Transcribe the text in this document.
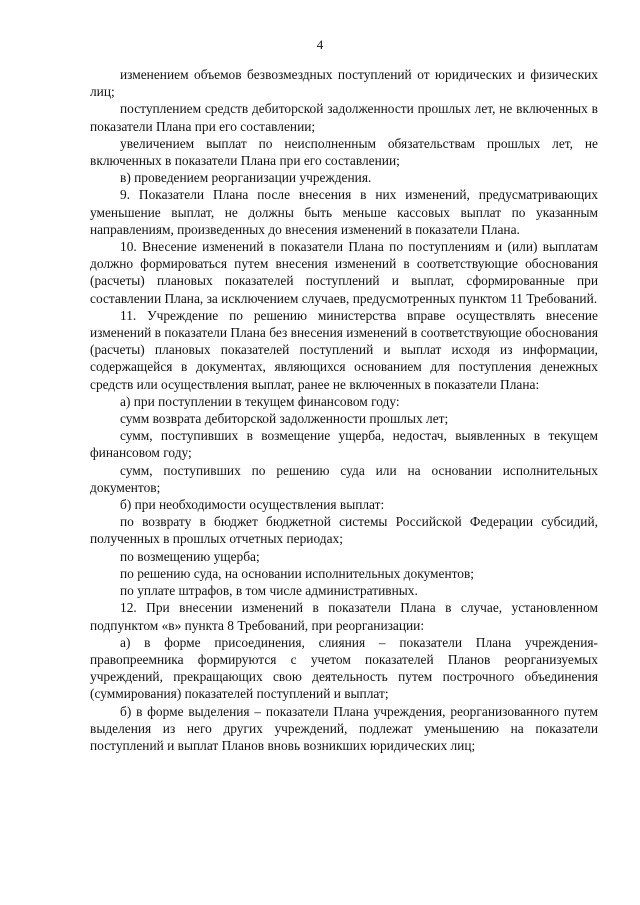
4

изменением объемов безвозмездных поступлений от юридических и физических лиц;

поступлением средств дебиторской задолженности прошлых лет, не включенных в показатели Плана при его составлении;

увеличением выплат по неисполненным обязательствам прошлых лет, не включенных в показатели Плана при его составлении;

в) проведением реорганизации учреждения.

9. Показатели Плана после внесения в них изменений, предусматривающих уменьшение выплат, не должны быть меньше кассовых выплат по указанным направлениям, произведенных до внесения изменений в показатели Плана.

10. Внесение изменений в показатели Плана по поступлениям и (или) выплатам должно формироваться путем внесения изменений в соответствующие обоснования (расчеты) плановых показателей поступлений и выплат, сформированные при составлении Плана, за исключением случаев, предусмотренных пунктом 11 Требований.

11. Учреждение по решению министерства вправе осуществлять внесение изменений в показатели Плана без внесения изменений в соответствующие обоснования (расчеты) плановых показателей поступлений и выплат исходя из информации, содержащейся в документах, являющихся основанием для поступления денежных средств или осуществления выплат, ранее не включенных в показатели Плана:

а) при поступлении в текущем финансовом году:

сумм возврата дебиторской задолженности прошлых лет;

сумм, поступивших в возмещение ущерба, недостач, выявленных в текущем финансовом году;

сумм, поступивших по решению суда или на основании исполнительных документов;

б) при необходимости осуществления выплат:

по возврату в бюджет бюджетной системы Российской Федерации субсидий, полученных в прошлых отчетных периодах;

по возмещению ущерба;

по решению суда, на основании исполнительных документов;

по уплате штрафов, в том числе административных.

12. При внесении изменений в показатели Плана в случае, установленном подпунктом «в» пункта 8 Требований, при реорганизации:

а) в форме присоединения, слияния – показатели Плана учреждения-правопреемника формируются с учетом показателей Планов реорганизуемых учреждений, прекращающих свою деятельность путем построчного объединения (суммирования) показателей поступлений и выплат;

б) в форме выделения – показатели Плана учреждения, реорганизованного путем выделения из него других учреждений, подлежат уменьшению на показатели поступлений и выплат Планов вновь возникших юридических лиц;
